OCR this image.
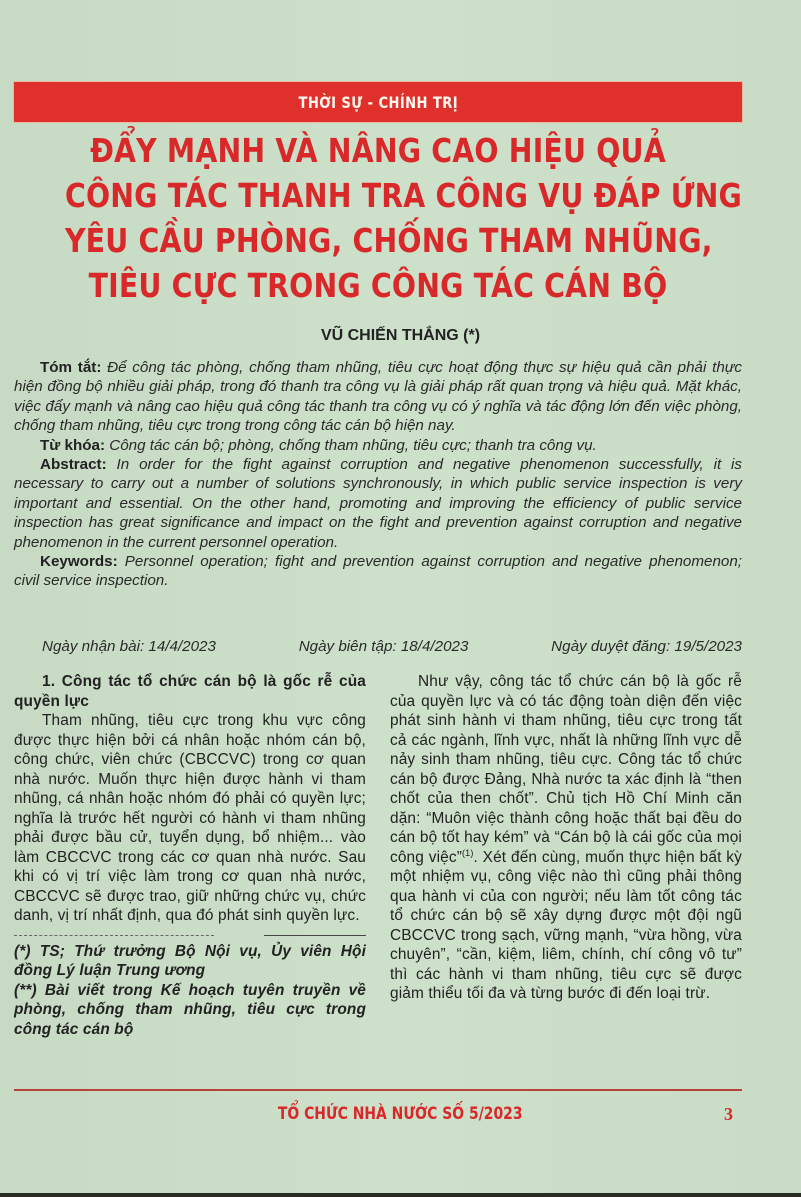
THỜI SỰ - CHÍNH TRỊ
ĐẨY MẠNH VÀ NÂNG CAO HIỆU QUẢ
CÔNG TÁC THANH TRA CÔNG VỤ ĐÁP ỨNG
YÊU CẦU PHÒNG, CHỐNG THAM NHŨNG,
TIÊU CỰC TRONG CÔNG TÁC CÁN BỘ
VŨ CHIẾN THẮNG (*)

Tóm tắt: Để công tác phòng, chống tham nhũng, tiêu cực hoạt động thực sự hiệu quả cần phải thực hiện đồng bộ nhiều giải pháp, trong đó thanh tra công vụ là giải pháp rất quan trọng và hiệu quả. Mặt khác, việc đẩy mạnh và nâng cao hiệu quả công tác thanh tra công vụ có ý nghĩa và tác động lớn đến việc phòng, chống tham nhũng, tiêu cực trong trong công tác cán bộ hiện nay.

Từ khóa: Công tác cán bộ; phòng, chống tham nhũng, tiêu cực; thanh tra công vụ.

Abstract: In order for the fight against corruption and negative phenomenon successfully, it is necessary to carry out a number of solutions synchronously, in which public service inspection is very important and essential. On the other hand, promoting and improving the efficiency of public service inspection has great significance and impact on the fight and prevention against corruption and negative phenomenon in the current personnel operation.

Keywords: Personnel operation; fight and prevention against corruption and negative phenomenon; civil service inspection.

Ngày nhận bài: 14/4/2023	Ngày biên tập: 18/4/2023	Ngày duyệt đăng: 19/5/2023
1. Công tác tổ chức cán bộ là gốc rễ của quyền lực

Tham nhũng, tiêu cực trong khu vực công được thực hiện bởi cá nhân hoặc nhóm cán bộ, công chức, viên chức (CBCCVC) trong cơ quan nhà nước. Muốn thực hiện được hành vi tham nhũng, cá nhân hoặc nhóm đó phải có quyền lực; nghĩa là trước hết người có hành vi tham nhũng phải được bầu cử, tuyển dụng, bổ nhiệm... vào làm CBCCVC trong các cơ quan nhà nước. Sau khi có vị trí việc làm trong cơ quan nhà nước, CBCCVC sẽ được trao, giữ những chức vụ, chức danh, vị trí nhất định, qua đó phát sinh quyền lực.

(*) TS; Thứ trưởng Bộ Nội vụ, Ủy viên Hội đồng Lý luận Trung ương

(**) Bài viết trong Kế hoạch tuyên truyền về phòng, chống tham nhũng, tiêu cực trong công tác cán bộ

Như vậy, công tác tổ chức cán bộ là gốc rễ của quyền lực và có tác động toàn diện đến việc phát sinh hành vi tham nhũng, tiêu cực trong tất cả các ngành, lĩnh vực, nhất là những lĩnh vực dễ nảy sinh tham nhũng, tiêu cực. Công tác tổ chức cán bộ được Đảng, Nhà nước ta xác định là “then chốt của then chốt”. Chủ tịch Hồ Chí Minh căn dặn: “Muôn việc thành công hoặc thất bại đều do cán bộ tốt hay kém” và “Cán bộ là cái gốc của mọi công việc”$^{(1)}$. Xét đến cùng, muốn thực hiện bất kỳ một nhiệm vụ, công việc nào thì cũng phải thông qua hành vi của con người; nếu làm tốt công tác tổ chức cán bộ sẽ xây dựng được một đội ngũ CBCCVC trong sạch, vững mạnh, “vừa hồng, vừa chuyên”, “cần, kiệm, liêm, chính, chí công vô tư” thì các hành vi tham nhũng, tiêu cực sẽ được giảm thiểu tối đa và từng bước đi đến loại trừ.

TỔ CHỨC NHÀ NƯỚC SỐ 5/2023	3
